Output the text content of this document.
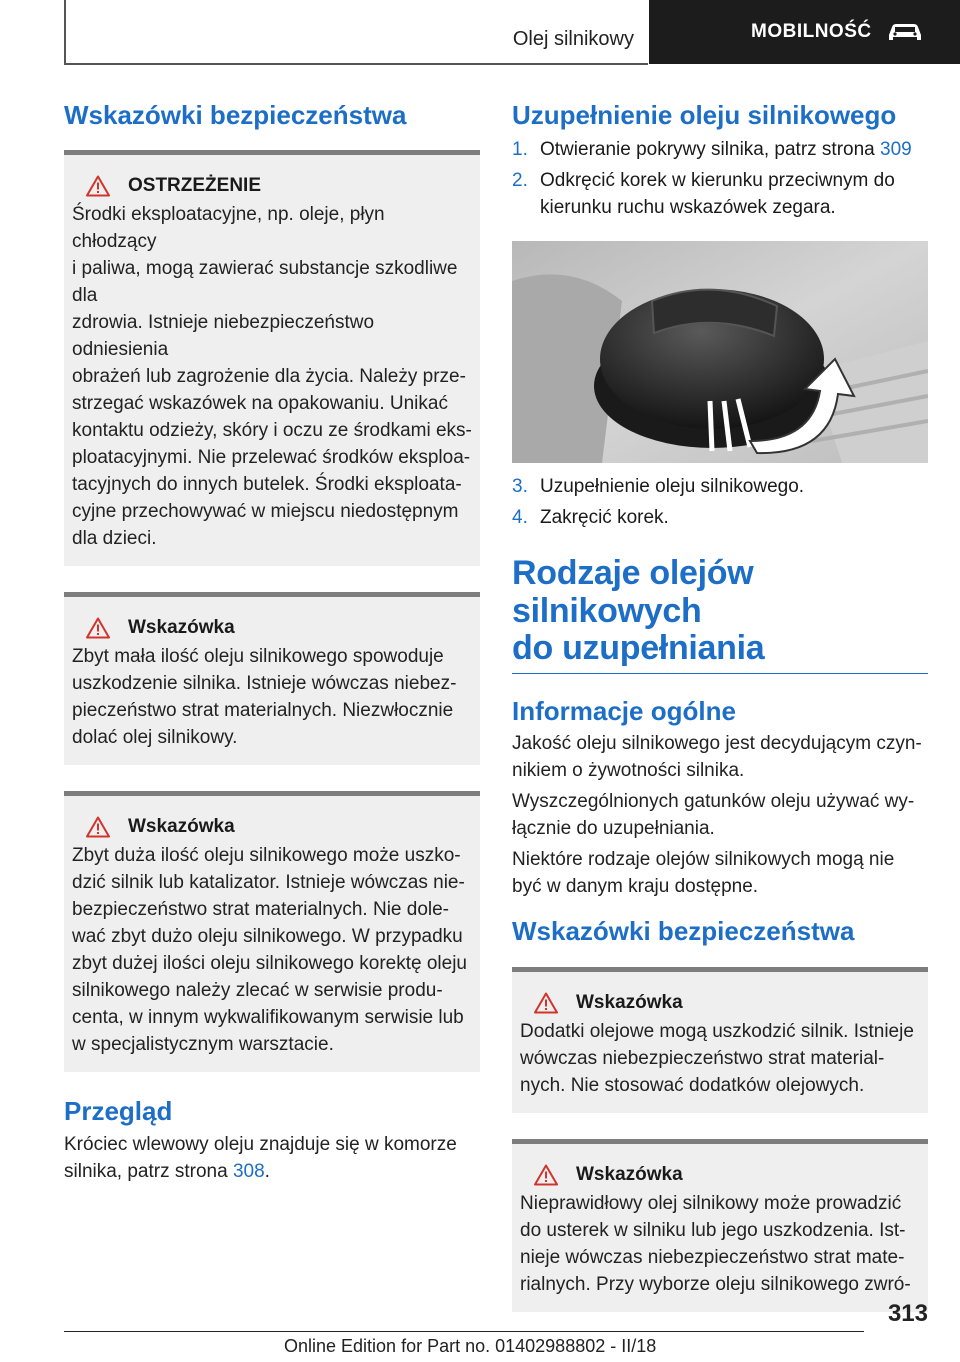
Olej silnikowy	MOBILNOŚĆ
Wskazówki bezpieczeństwa
OSTRZEŻENIE
Środki eksploatacyjne, np. oleje, płyn chłodzący
i paliwa, mogą zawierać substancje szkodliwe dla
zdrowia. Istnieje niebezpieczeństwo odniesienia
obrażeń lub zagrożenie dla życia. Należy prze-
strzegać wskazówek na opakowaniu. Unikać
kontaktu odzieży, skóry i oczu ze środkami eks-
ploatacyjnymi. Nie przelewać środków eksploa-
tacyjnych do innych butelek. Środki eksploata-
cyjne przechowywać w miejscu niedostępnym
dla dzieci.
Wskazówka
Zbyt mała ilość oleju silnikowego spowoduje
uszkodzenie silnika. Istnieje wówczas niebez-
pieczeństwo strat materialnych. Niezwłocznie
dolać olej silnikowy.
Wskazówka
Zbyt duża ilość oleju silnikowego może uszko-
dzić silnik lub katalizator. Istnieje wówczas nie-
bezpieczeństwo strat materialnych. Nie dole-
wać zbyt dużo oleju silnikowego. W przypadku
zbyt dużej ilości oleju silnikowego korektę oleju
silnikowego należy zlecać w serwisie produ-
centa, w innym wykwalifikowanym serwisie lub
w specjalistycznym warsztacie.
Przegląd
Króciec wlewowy oleju znajduje się w komorze
silnika, patrz strona 308.
Uzupełnienie oleju silnikowego
1. Otwieranie pokrywy silnika, patrz strona 309
2. Odkręcić korek w kierunku przeciwnym do kierunku ruchu wskazówek zegara.
3. Uzupełnienie oleju silnikowego.
4. Zakręcić korek.
Rodzaje olejów silnikowych
do uzupełniania
Informacje ogólne
Jakość oleju silnikowego jest decydującym czyn-
nikiem o żywotności silnika.
Wyszczególnionych gatunków oleju używać wy-
łącznie do uzupełniania.
Niektóre rodzaje olejów silnikowych mogą nie
być w danym kraju dostępne.
Wskazówki bezpieczeństwa
Wskazówka
Dodatki olejowe mogą uszkodzić silnik. Istnieje
wówczas niebezpieczeństwo strat material-
nych. Nie stosować dodatków olejowych.
Wskazówka
Nieprawidłowy olej silnikowy może prowadzić
do usterek w silniku lub jego uszkodzenia. Ist-
nieje wówczas niebezpieczeństwo strat mate-
rialnych. Przy wyborze oleju silnikowego zwró-
313
Online Edition for Part no. 01402988802 - II/18
